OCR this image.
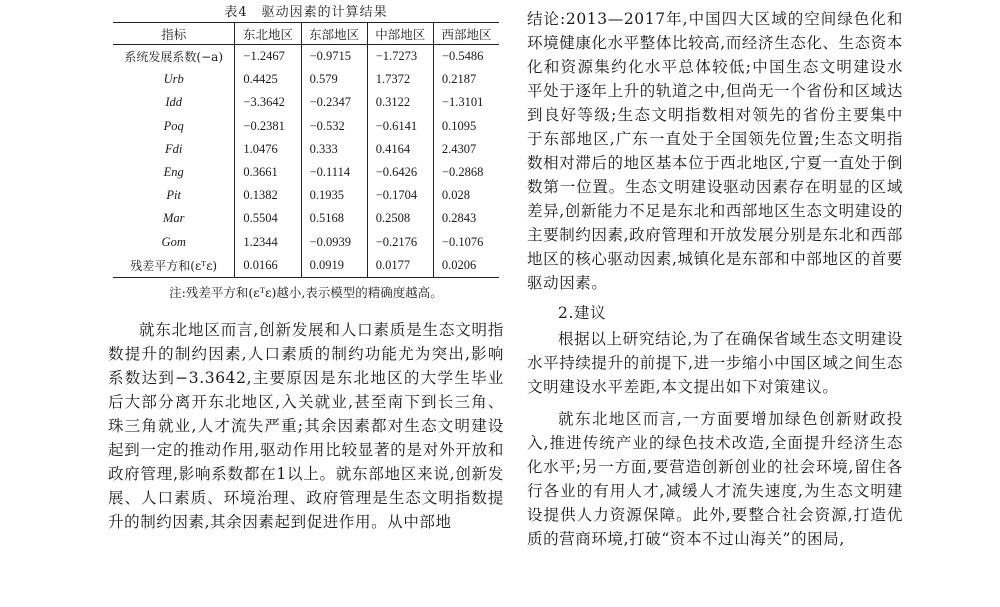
表4　驱动因素的计算结果
指标	东北地区	东部地区	中部地区	西部地区
系统发展系数(−a)	−1.2467	−0.9715	−1.7273	−0.5486
Urb	0.4425	0.579	1.7372	0.2187
Idd	−3.3642	−0.2347	0.3122	−1.3101
Poq	−0.2381	−0.532	−0.6141	0.1095
Fdi	1.0476	0.333	0.4164	2.4307
Eng	0.3661	−0.1114	−0.6426	−0.2868
Pit	0.1382	0.1935	−0.1704	0.028
Mar	0.5504	0.5168	0.2508	0.2843
Gom	1.2344	−0.0939	−0.2176	−0.1076
残差平方和(εᵀε)	0.0166	0.0919	0.0177	0.0206
注:残差平方和(εᵀε)越小,表示模型的精确度越高。

就东北地区而言,创新发展和人口素质是生态文明指数提升的制约因素,人口素质的制约功能尤为突出,影响系数达到−3.3642,主要原因是东北地区的大学生毕业后大部分离开东北地区,入关就业,甚至南下到长三角、珠三角就业,人才流失严重;其余因素都对生态文明建设起到一定的推动作用,驱动作用比较显著的是对外开放和政府管理,影响系数都在1以上。就东部地区来说,创新发展、人口素质、环境治理、政府管理是生态文明指数提升的制约因素,其余因素起到促进作用。从中部地

结论:2013—2017年,中国四大区域的空间绿色化和环境健康化水平整体比较高,而经济生态化、生态资本化和资源集约化水平总体较低;中国生态文明建设水平处于逐年上升的轨道之中,但尚无一个省份和区域达到良好等级;生态文明指数相对领先的省份主要集中于东部地区,广东一直处于全国领先位置;生态文明指数相对滞后的地区基本位于西北地区,宁夏一直处于倒数第一位置。生态文明建设驱动因素存在明显的区域差异,创新能力不足是东北和西部地区生态文明建设的主要制约因素,政府管理和开放发展分别是东北和西部地区的核心驱动因素,城镇化是东部和中部地区的首要驱动因素。

2.建议

根据以上研究结论,为了在确保省域生态文明建设水平持续提升的前提下,进一步缩小中国区域之间生态文明建设水平差距,本文提出如下对策建议。

就东北地区而言,一方面要增加绿色创新财政投入,推进传统产业的绿色技术改造,全面提升经济生态化水平;另一方面,要营造创新创业的社会环境,留住各行各业的有用人才,减缓人才流失速度,为生态文明建设提供人力资源保障。此外,要整合社会资源,打造优质的营商环境,打破“资本不过山海关”的困局,
